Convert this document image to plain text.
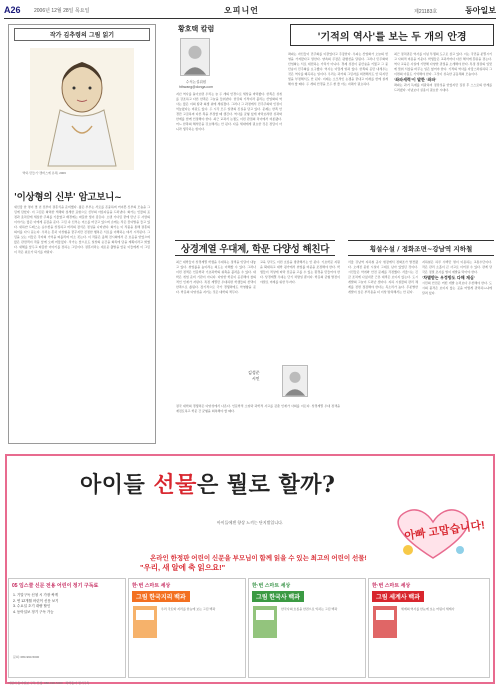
A26	2006년 12월 28일 목요일	오피니언	제21183호	동아일보
작가 김추령의 그림 읽기
'박하 만들기' 캔버스에 유채, 2006
'이상형의 신부' 암고보니~
새신랑 한 명이 몇 년 전부터 결혼식을 준비했다. 젊은 부부는 서로를 존중하며 어여쁜 신부의 모습을 그림에 담았다. 이 그림은 화려한 색채와 섬세한 표현으로 신부의 아름다움을 드러낸다. 화가는 인물의 표정과 옷차림에 세심한 주의를 기울였고 배경에는 따뜻한 빛이 감돈다. 오랜 기다림 끝에 만난 두 사람의 이야기는 많은 이에게 공감을 준다. 그림 속 신부는 미소를 머금고 있으며 손에는 작은 꽃다발을 들고 있다. 새하얀 드레스는 순수함을 상징하고 머리의 장식은 정성을 나타낸다. 화가는 이 작품을 통해 결혼의 의미를 다시 묻는다. 우리는 흔히 이상형을 꿈꾸지만 진정한 행복은 서로를 이해하는 데서 시작된다. 그림을 보는 이들은 각자의 기억을 떠올리며 미소 짓는다. 이 작품은 올해 전시회에서 큰 호응을 얻었으며 많은 관람객이 작품 앞에 오래 머물렀다. 작가는 앞으로도 일상의 순간을 화폭에 담을 계획이라고 밝혔다. 새해를 앞두고 따뜻한 이야기를 전하는 그림이다. 결혼이라는 새로운 출발을 앞둔 이들에게 이 그림이 작은 위로가 되기를 바란다.
황호택 칼럼
수석논설위원
hthwang@donga.com
'기적의 역사'를 보는 두 개의 안경
지난 역사를 돌아보면 우리는 늘 두 개의 안경으로 세상을 바라봤다. 한쪽은 성취를 강조하고 다른 한쪽은 그늘을 들춰낸다. 한강의 기적이라 불리는 산업화의 역사는 많은 이의 땀과 희생 위에 세워졌다. 그러나 그 과정에서 민주주의와 인권이 억눌렸다는 비판도 있다. 두 시각 모두 일면의 진실을 담고 있다. 문제는 한쪽 안경만 고집하며 다른 쪽을 부정할 때 생긴다. 역사를 균형 있게 바라보려면 성과와 한계를 함께 인정해야 한다. 최근 교과서 논쟁도 이런 관점의 차이에서 비롯됐다. 어느 한쪽의 해석만을 강요해서는 안 된다. 다음 세대에게 필요한 것은 정답이 아니라 생각하는 힘이다.
좌파는 자신들이 민주화를 이끌었다고 주장한다. 우파는 산업화가 오늘의 번영을 가져왔다고 말한다. 양측의 주장은 평행선을 달린다. 그러나 민주화와 산업화는 서로 대립하는 가치가 아니다. 경제 성장이 중산층을 키웠고 그 중산층이 민주화를 요구했다. 역사는 이렇게 얽혀 있다. 한쪽의 공만 내세우는 것은 역사를 왜곡하는 일이다. 우리는 과거의 그림자를 외면해서도 안 되지만 빛을 부정해서도 안 된다. 이제는 소모적인 논쟁을 끝내고 미래를 함께 설계해야 할 때다. 두 개의 안경을 모두 쓸 줄 아는 지혜가 필요하다.
최근 정치권은 역사를 이념 투쟁의 도구로 삼고 있다. 이는 국민을 분열시키고 사회적 비용을 키운다. 학생들은 교과서마다 다른 해석에 혼란을 겪는다. 역사 교육은 사실에 기반해 다양한 관점을 소개해야 한다. 특정 정권의 입맛에 맞춰 서술을 바꾸는 일은 없어야 한다. 기적의 역사를 자랑스러워하되 그 이면의 아픔도 기억해야 한다. 그것이 성숙한 공동체의 모습이다.
'좌파세력'이 말한 '좌파'
좌파는 과거 독재를 비판하며 정당성을 얻었지만 집권 후 스스로의 한계를 드러냈다. 이념보다 실용이 필요한 시대다.
상경계열 우대제, 학문 다양성 해친다
최근 대학들이 상경계열 학생을 우대하는 정책을 잇달아 내놓고 있다. 취업률을 높이려는 의도는 이해할 수 있다. 그러나 이런 정책은 인문학과 기초과학의 위축을 불러올 수 있다. 대학은 취업 준비 기관이 아니다. 다양한 학문이 공존해야 창의적인 인재가 자란다. 특정 계열만 우대하면 학생들의 선택이 한쪽으로 쏠린다. 장기적으로 국가 경쟁력에도 악영향을 준다. 학문의 다양성을 지키는 것은 대학의 책무다.
교육 당국도 이런 흐름을 방관해서는 안 된다. 기초학문 지원을 확대하고 대학 평가에서 취업률 비중을 조정해야 한다. 학생들이 적성에 따라 전공을 고를 수 있는 환경을 만들어야 한다. 상경계열 우대는 단기 처방일 뿐이다. 학문의 균형 발전이야말로 미래를 위한 투자다.
김성준
시인
결국 대학의 경쟁력은 다양성에서 나온다. 인문학적 소양과 과학적 사고를 갖춘 인재가 사회를 이끈다. 상경계열 우대 정책을 재검토하고 학문 간 균형을 회복해야 할 때다.
횡설수설 / 정화조면~강남역 지하철
서울 강남역 지하철 공사 현장에서 정화조가 발견됐다. 오래전 묻힌 시설이 그대로 남아 있었던 것이다. 시민들은 악취와 안전 문제를 걱정했다. 서울시는 긴급 조치에 나섰지만 근본 대책은 보이지 않는다. 도시 개발의 그늘이 드러난 셈이다. 지하 시설물의 관리 체계를 전면 점검해야 한다는 목소리가 높다. 무분별한 개발이 낳은 부작용을 더 이상 방치해서는 안 된다.
지하철은 하루 수백만 명이 이용하는 교통수단이다. 작은 관리 소홀이 큰 사고로 이어질 수 있다. 관계 당국은 정밀 조사를 벌여 재발을 막아야 한다.
'차별받는 우정방도 다해 재심'
시민의 안전은 어떤 개발 논리보다 우선해야 한다. 도시의 품격은 보이지 않는 곳을 어떻게 관리하느냐에 달려 있다.
아이들 선물은 뭘로 할까?
아이들에겐 향상 느끼는 단지별입니다.
온라인 한정판 어린이 신문을 부모님이 함께 읽을 수 있는 최고의 어린이 선물!
"우리, 새 알에 축 읽으요!"
아빠 고맙습니다!
05 임스쿨 신문 전용 어린이 정기 구독료
1. 기말구독 신청 시 가장 싸게
2. 연 12개월 어린이 신문 보기
3. 수요일 초기 대량 할인
4. 동아일보 정기 구독 가능
문의: 080-990-5000
한·번 스마트 세상
그림 한국지리 백과
우리 국토와 지리를 한눈에 보는 그림 백과
한·번 스마트 세상
그림 한국사 백과
한국사의 흐름을 한권으로 익히는 그림 백과
한·번 스마트 세상
그림 세계사 백과
세계의 역사를 한눈에 보는 어린이 세계사
어린이 동아일보 구독 신청: 080-990-5000 · 과학동아 정기구독
